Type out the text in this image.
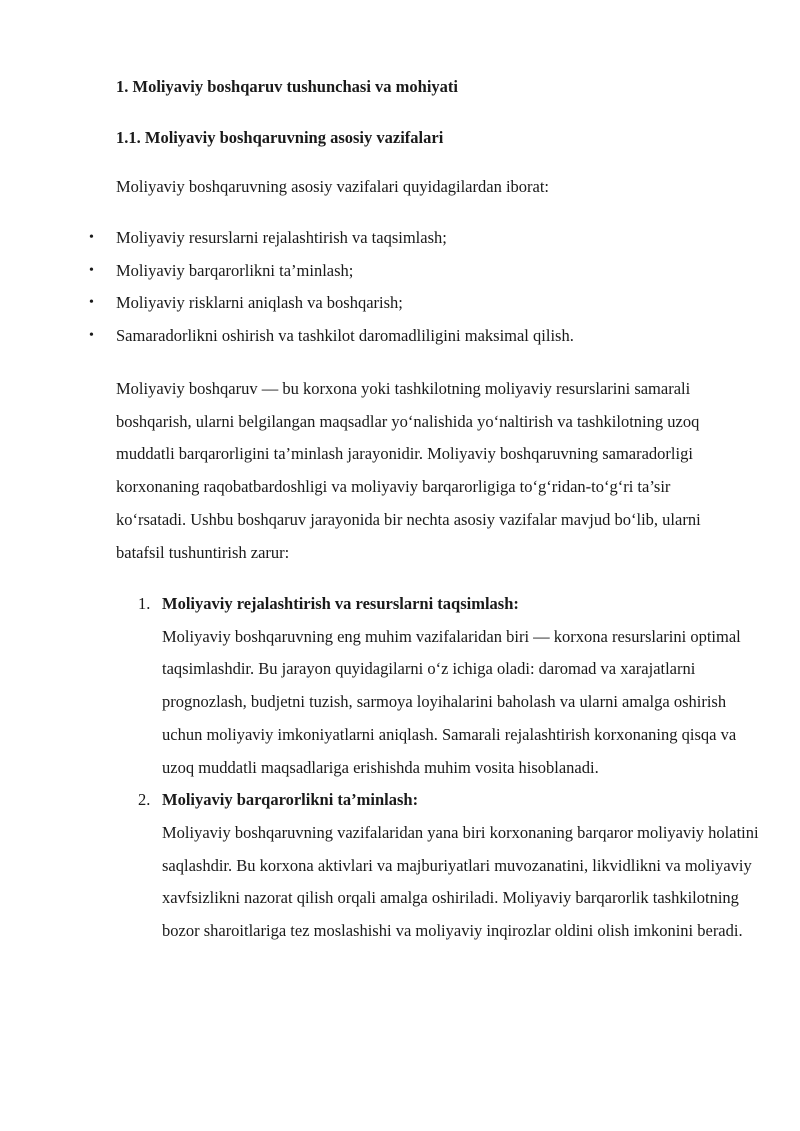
1. Moliyaviy boshqaruv tushunchasi va mohiyati

1.1. Moliyaviy boshqaruvning asosiy vazifalari

Moliyaviy boshqaruvning asosiy vazifalari quyidagilardan iborat:

• Moliyaviy resurslarni rejalashtirish va taqsimlash;
• Moliyaviy barqarorlikni ta’minlash;
• Moliyaviy risklarni aniqlash va boshqarish;
• Samaradorlikni oshirish va tashkilot daromadliligini maksimal qilish.

Moliyaviy boshqaruv — bu korxona yoki tashkilotning moliyaviy resurslarini samarali boshqarish, ularni belgilangan maqsadlar yo‘nalishida yo‘naltirish va tashkilotning uzoq muddatli barqarorligini ta’minlash jarayonidir. Moliyaviy boshqaruvning samaradorligi korxonaning raqobatbardoshligi va moliyaviy barqarorligiga to‘g‘ridan-to‘g‘ri ta’sir ko‘rsatadi. Ushbu boshqaruv jarayonida bir nechta asosiy vazifalar mavjud bo‘lib, ularni batafsil tushuntirish zarur:

1. Moliyaviy rejalashtirish va resurslarni taqsimlash:
Moliyaviy boshqaruvning eng muhim vazifalaridan biri — korxona resurslarini optimal taqsimlashdir. Bu jarayon quyidagilarni o‘z ichiga oladi: daromad va xarajatlarni prognozlash, budjetni tuzish, sarmoya loyihalarini baholash va ularni amalga oshirish uchun moliyaviy imkoniyatlarni aniqlash. Samarali rejalashtirish korxonaning qisqa va uzoq muddatli maqsadlariga erishishda muhim vosita hisoblanadi.
2. Moliyaviy barqarorlikni ta’minlash:
Moliyaviy boshqaruvning vazifalaridan yana biri korxonaning barqaror moliyaviy holatini saqlashdir. Bu korxona aktivlari va majburiyatlari muvozanatini, likvidlikni va moliyaviy xavfsizlikni nazorat qilish orqali amalga oshiriladi. Moliyaviy barqarorlik tashkilotning bozor sharoitlariga tez moslashishi va moliyaviy inqirozlar oldini olish imkonini beradi.
